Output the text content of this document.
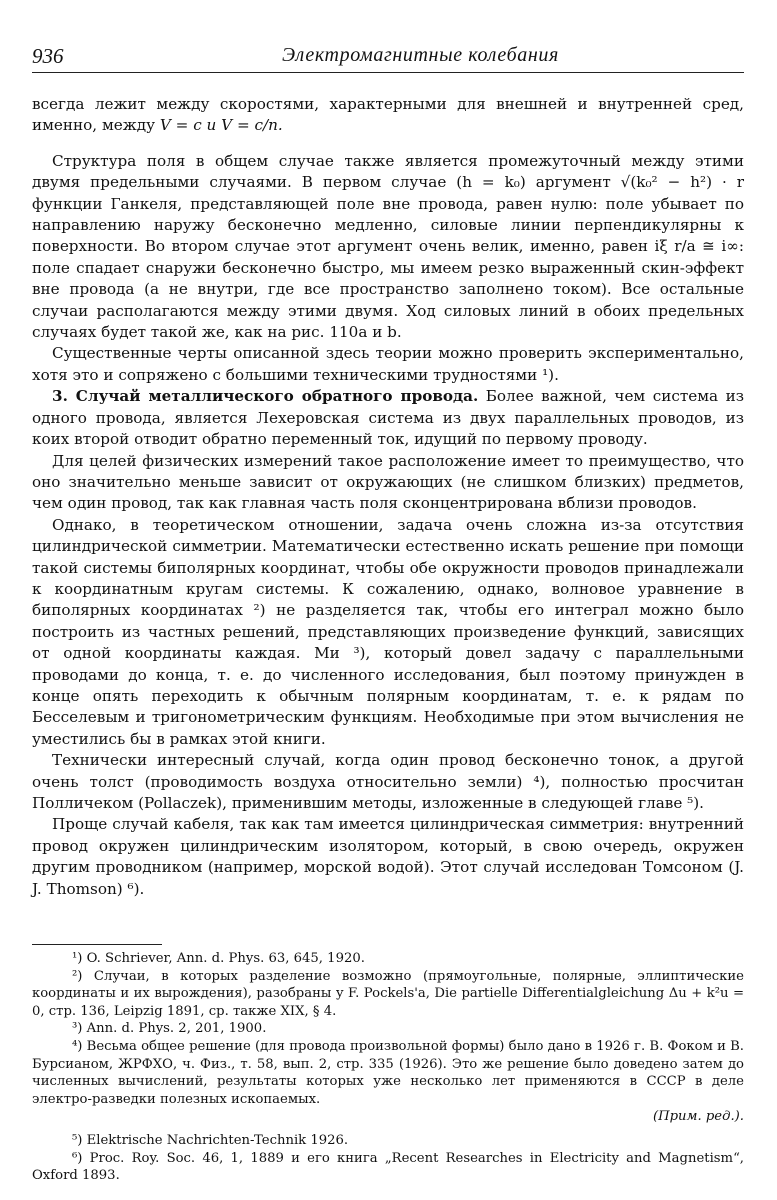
936	Электромагнитные колебания

всегда лежит между скоростями, характерными для внешней и внутренней сред, именно, между V = c и V = c/n.

Структура поля в общем случае также является промежуточный между этими двумя предельными случаями. В первом случае (h = k₀) аргумент √(k₀² − h²) · r функции Ганкеля, представляющей поле вне провода, равен нулю: поле убывает по направлению наружу бесконечно медленно, силовые линии перпендикулярны к поверхности. Во втором случае этот аргумент очень велик, именно, равен iξ r/a ≅ i∞: поле спадает снаружи бесконечно быстро, мы имеем резко выраженный скин-эффект вне провода (а не внутри, где все пространство заполнено током). Все остальные случаи располагаются между этими двумя. Ход силовых линий в обоих предельных случаях будет такой же, как на рис. 110a и b.

Существенные черты описанной здесь теории можно проверить экспериментально, хотя это и сопряжено с большими техническими трудностями ¹).

3. Случай металлического обратного провода. Более важной, чем система из одного провода, является Лехеровская система из двух параллельных проводов, из коих второй отводит обратно переменный ток, идущий по первому проводу.

Для целей физических измерений такое расположение имеет то преимущество, что оно значительно меньше зависит от окружающих (не слишком близких) предметов, чем один провод, так как главная часть поля сконцентрирована вблизи проводов.

Однако, в теоретическом отношении, задача очень сложна из-за отсутствия цилиндрической симметрии. Математически естественно искать решение при помощи такой системы биполярных координат, чтобы обе окружности проводов принадлежали к координатным кругам системы. К сожалению, однако, волновое уравнение в биполярных координатах ²) не разделяется так, чтобы его интеграл можно было построить из частных решений, представляющих произведение функций, зависящих от одной координаты каждая. Ми ³), который довел задачу с параллельными проводами до конца, т. е. до численного исследования, был поэтому принужден в конце опять переходить к обычным полярным координатам, т. е. к рядам по Бесселевым и тригонометрическим функциям. Необходимые при этом вычисления не уместились бы в рамках этой книги.

Технически интересный случай, когда один провод бесконечно тонок, а другой очень толст (проводимость воздуха относительно земли) ⁴), полностью просчитан Полличеком (Pollaczek), применившим методы, изложенные в следующей главе ⁵).

Проще случай кабеля, так как там имеется цилиндрическая симметрия: внутренний провод окружен цилиндрическим изолятором, который, в свою очередь, окружен другим проводником (например, морской водой). Этот случай исследован Томсоном (J. J. Thomson) ⁶).

¹) O. Schriever, Ann. d. Phys. 63, 645, 1920.

²) Случаи, в которых разделение возможно (прямоугольные, полярные, эллиптические координаты и их вырождения), разобраны у F. Pockels'a, Die partielle Differentialgleichung Δu + k²u = 0, стр. 136, Leipzig 1891, ср. также XIX, § 4.

³) Ann. d. Phys. 2, 201, 1900.

⁴) Весьма общее решение (для провода произвольной формы) было дано в 1926 г. В. Фоком и В. Бурсианом, ЖРФХО, ч. Физ., т. 58, вып. 2, стр. 335 (1926). Это же решение было доведено затем до численных вычислений, результаты которых уже несколько лет применяются в СССР в деле электро-разведки полезных ископаемых.

(Прим. ред.).

⁵) Elektrische Nachrichten-Technik 1926.

⁶) Proc. Roy. Soc. 46, 1, 1889 и его книга „Recent Researches in Electricity and Magnetism“, Oxford 1893.
